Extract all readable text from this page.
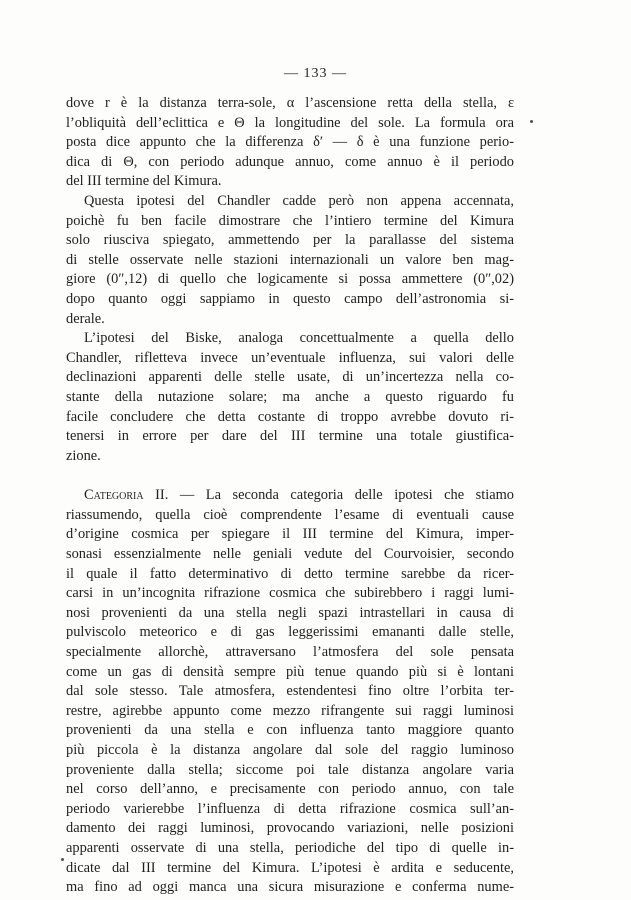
— 133 —
dove r è la distanza terra-sole, α l’ascensione retta della stella, ε
l’obliquità dell’eclittica e Θ la longitudine del sole. La formula ora
posta dice appunto che la differenza δ′ — δ è una funzione perio-
dica di Θ, con periodo adunque annuo, come annuo è il periodo
del III termine del Kimura.
Questa ipotesi del Chandler cadde però non appena accennata,
poichè fu ben facile dimostrare che l’intiero termine del Kimura
solo riusciva spiegato, ammettendo per la parallasse del sistema
di stelle osservate nelle stazioni internazionali un valore ben mag-
giore (0″,12) di quello che logicamente si possa ammettere (0″,02)
dopo quanto oggi sappiamo in questo campo dell’astronomia si-
derale.
L’ipotesi del Biske, analoga concettualmente a quella dello
Chandler, rifletteva invece un’eventuale influenza, sui valori delle
declinazioni apparenti delle stelle usate, di un’incertezza nella co-
stante della nutazione solare; ma anche a questo riguardo fu
facile concludere che detta costante di troppo avrebbe dovuto ri-
tenersi in errore per dare del III termine una totale giustifica-
zione.
Categoria II. — La seconda categoria delle ipotesi che stiamo
riassumendo, quella cioè comprendente l’esame di eventuali cause
d’origine cosmica per spiegare il III termine del Kimura, imper-
sonasi essenzialmente nelle geniali vedute del Courvoisier, secondo
il quale il fatto determinativo di detto termine sarebbe da ricer-
carsi in un’incognita rifrazione cosmica che subirebbero i raggi lumi-
nosi provenienti da una stella negli spazi intrastellari in causa di
pulviscolo meteorico e di gas leggerissimi emananti dalle stelle,
specialmente allorchè, attraversano l’atmosfera del sole pensata
come un gas di densità sempre più tenue quando più si è lontani
dal sole stesso. Tale atmosfera, estendentesi fino oltre l’orbita ter-
restre, agirebbe appunto come mezzo rifrangente sui raggi luminosi
provenienti da una stella e con influenza tanto maggiore quanto
più piccola è la distanza angolare dal sole del raggio luminoso
proveniente dalla stella; siccome poi tale distanza angolare varia
nel corso dell’anno, e precisamente con periodo annuo, con tale
periodo varierebbe l’influenza di detta rifrazione cosmica sull’an-
damento dei raggi luminosi, provocando variazioni, nelle posizioni
apparenti osservate di una stella, periodiche del tipo di quelle in-
dicate dal III termine del Kimura. L’ipotesi è ardita e seducente,
ma fino ad oggi manca una sicura misurazione e conferma nume-
